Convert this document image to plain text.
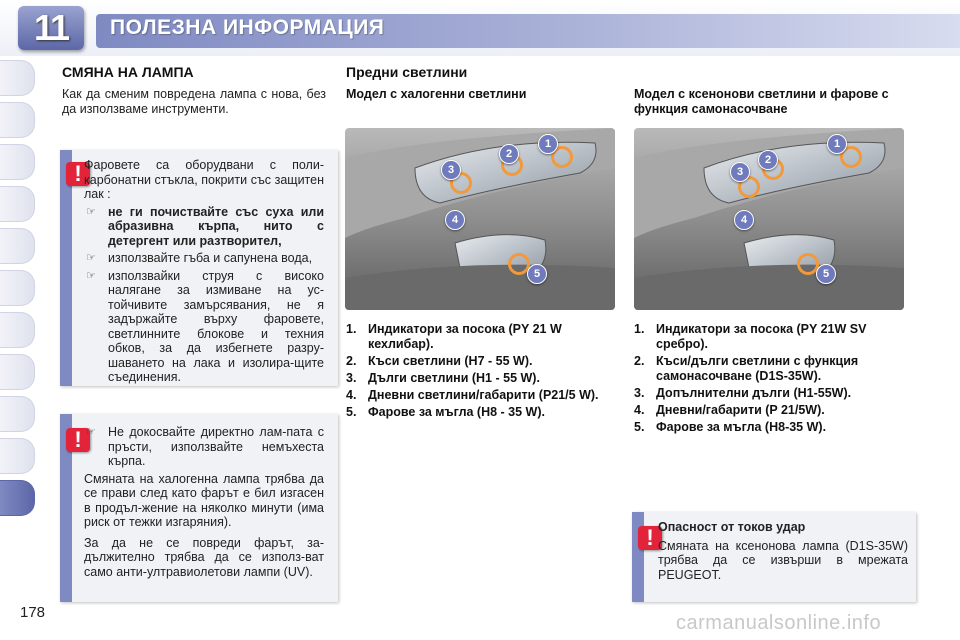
11	ПОЛЕЗНА ИНФОРМАЦИЯ
178
СМЯНА НА ЛАМПА
Как да сменим повредена лампа с нова, без да използваме инструменти.
! Фаровете са оборудвани с поли-карбонатни стъкла, покрити със защитен лак :
☞ не ги почиствайте със суха или абразивна кърпа, нито с детергент или разтворител,
☞ използвайте гъба и сапунена вода,
☞ използвайки струя с високо налягане за измиване на ус-тойчивите замърсявания, не я задържайте върху фаровете, светлинните блокове и техния обков, за да избегнете разру-шаването на лака и изолира-щите съединения.
! ☞ Не докосвайте директно лам-пата с пръсти, използвайте немъхеста кърпа.
Смяната на халогенна лампа трябва да се прави след като фарът е бил изгасен в продъл-жение на няколко минути (има риск от тежки изгаряния).
За да не се повреди фарът, за-дължително трябва да се използ-ват само анти-ултравиолетови лампи (UV).
Предни светлини
Модел с халогенни светлини	Модел с ксенонови светлини и фарове с функция самонасочване
1
2
3
4
5
1
2
3
4
5
1. Индикатори за посока (PY 21 W кехлибар).
2. Къси светлини (H7 - 55 W).
3. Дълги светлини (H1 - 55 W).
4. Дневни светлини/габарити (P21/5 W).
5. Фарове за мъгла (H8 - 35 W).
1. Индикатори за посока (PY 21W SV сребро).
2. Къси/дълги светлини с функция самонасочване (D1S-35W).
3. Допълнителни дълги (H1-55W).
4. Дневни/габарити (P 21/5W).
5. Фарове за мъгла (H8-35 W).
! Опасност от токов удар
Смяната на ксенонова лампа (D1S-35W) трябва да се извърши в мрежата PEUGEOT.
carmanualsonline.info
